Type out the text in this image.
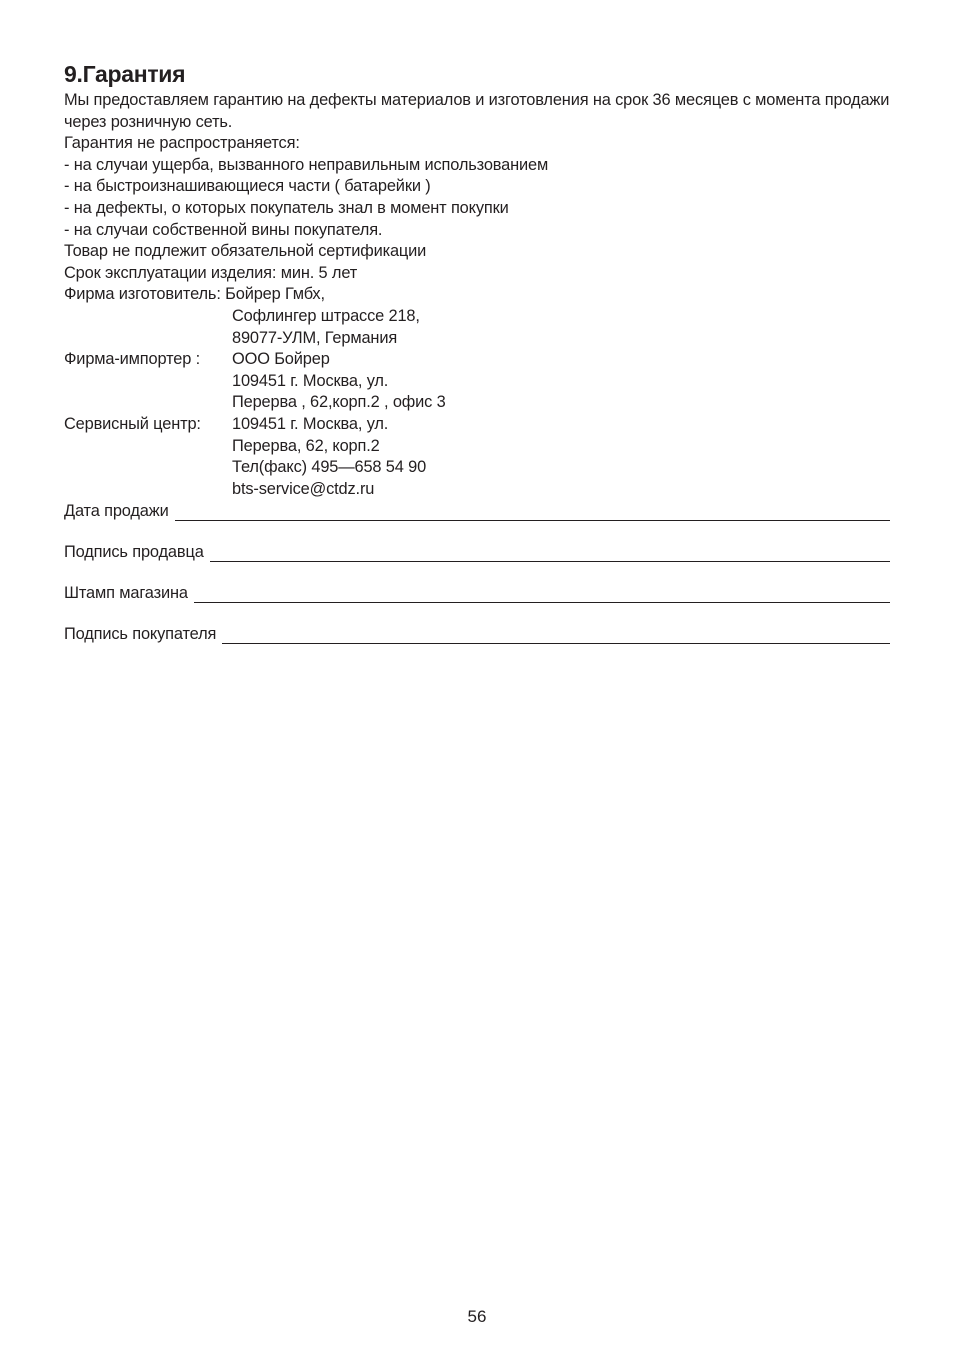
9.Гарантия
Мы предоставляем гарантию на дефекты материалов и изготовления на срок 36 месяцев с момента продажи через розничную сеть.
Гарантия не распространяется:
- на случаи ущерба, вызванного неправильным использованием
- на быстроизнашивающиеся части ( батарейки )
- на дефекты, о которых покупатель знал в момент покупки
- на случаи собственной вины покупателя.
Товар не подлежит обязательной сертификации
Срок эксплуатации изделия: мин. 5 лет
Фирма изготовитель: Бойрер Гмбх,
Софлингер штрассе 218,
89077-УЛМ, Германия
Фирма-импортер :	ООО Бойрер
109451 г. Москва, ул.
Перерва , 62,корп.2 , офис 3
Сервисный центр:	109451 г. Москва, ул.
Перерва, 62, корп.2
Тел(факс) 495—658 54 90
bts-service@ctdz.ru
Дата продажи
Подпись продавца
Штамп магазина
Подпись покупателя
56
